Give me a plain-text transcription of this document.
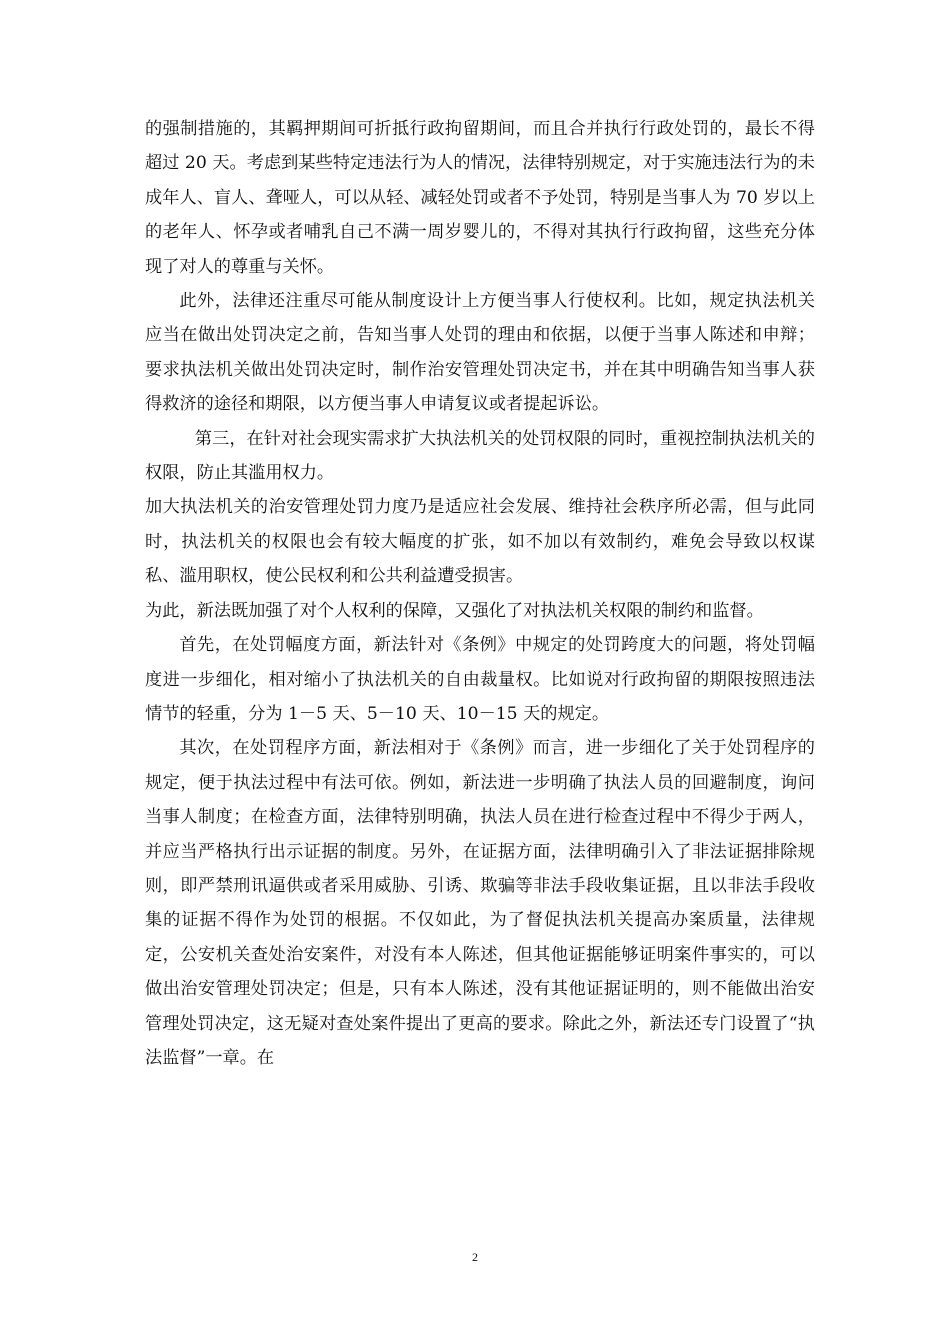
的强制措施的，其羁押期间可折抵行政拘留期间，而且合并执行行政处罚的，最长不得超过 20 天。考虑到某些特定违法行为人的情况，法律特别规定，对于实施违法行为的未成年人、盲人、聋哑人，可以从轻、减轻处罚或者不予处罚，特别是当事人为 70 岁以上的老年人、怀孕或者哺乳自己不满一周岁婴儿的，不得对其执行行政拘留，这些充分体现了对人的尊重与关怀。

此外，法律还注重尽可能从制度设计上方便当事人行使权利。比如，规定执法机关应当在做出处罚决定之前，告知当事人处罚的理由和依据，以便于当事人陈述和申辩；要求执法机关做出处罚决定时，制作治安管理处罚决定书，并在其中明确告知当事人获得救济的途径和期限，以方便当事人申请复议或者提起诉讼。

第三，在针对社会现实需求扩大执法机关的处罚权限的同时，重视控制执法机关的权限，防止其滥用权力。

加大执法机关的治安管理处罚力度乃是适应社会发展、维持社会秩序所必需，但与此同时，执法机关的权限也会有较大幅度的扩张，如不加以有效制约，难免会导致以权谋私、滥用职权，使公民权利和公共利益遭受损害。

为此，新法既加强了对个人权利的保障，又强化了对执法机关权限的制约和监督。

首先，在处罚幅度方面，新法针对《条例》中规定的处罚跨度大的问题，将处罚幅度进一步细化，相对缩小了执法机关的自由裁量权。比如说对行政拘留的期限按照违法情节的轻重，分为 1－5 天、5－10 天、10－15 天的规定。

其次，在处罚程序方面，新法相对于《条例》而言，进一步细化了关于处罚程序的规定，便于执法过程中有法可依。例如，新法进一步明确了执法人员的回避制度，询问当事人制度；在检查方面，法律特别明确，执法人员在进行检查过程中不得少于两人，并应当严格执行出示证据的制度。另外，在证据方面，法律明确引入了非法证据排除规则，即严禁刑讯逼供或者采用威胁、引诱、欺骗等非法手段收集证据，且以非法手段收集的证据不得作为处罚的根据。不仅如此，为了督促执法机关提高办案质量，法律规定，公安机关查处治安案件，对没有本人陈述，但其他证据能够证明案件事实的，可以做出治安管理处罚决定；但是，只有本人陈述，没有其他证据证明的，则不能做出治安管理处罚决定，这无疑对查处案件提出了更高的要求。除此之外，新法还专门设置了“执法监督”一章。在

2
